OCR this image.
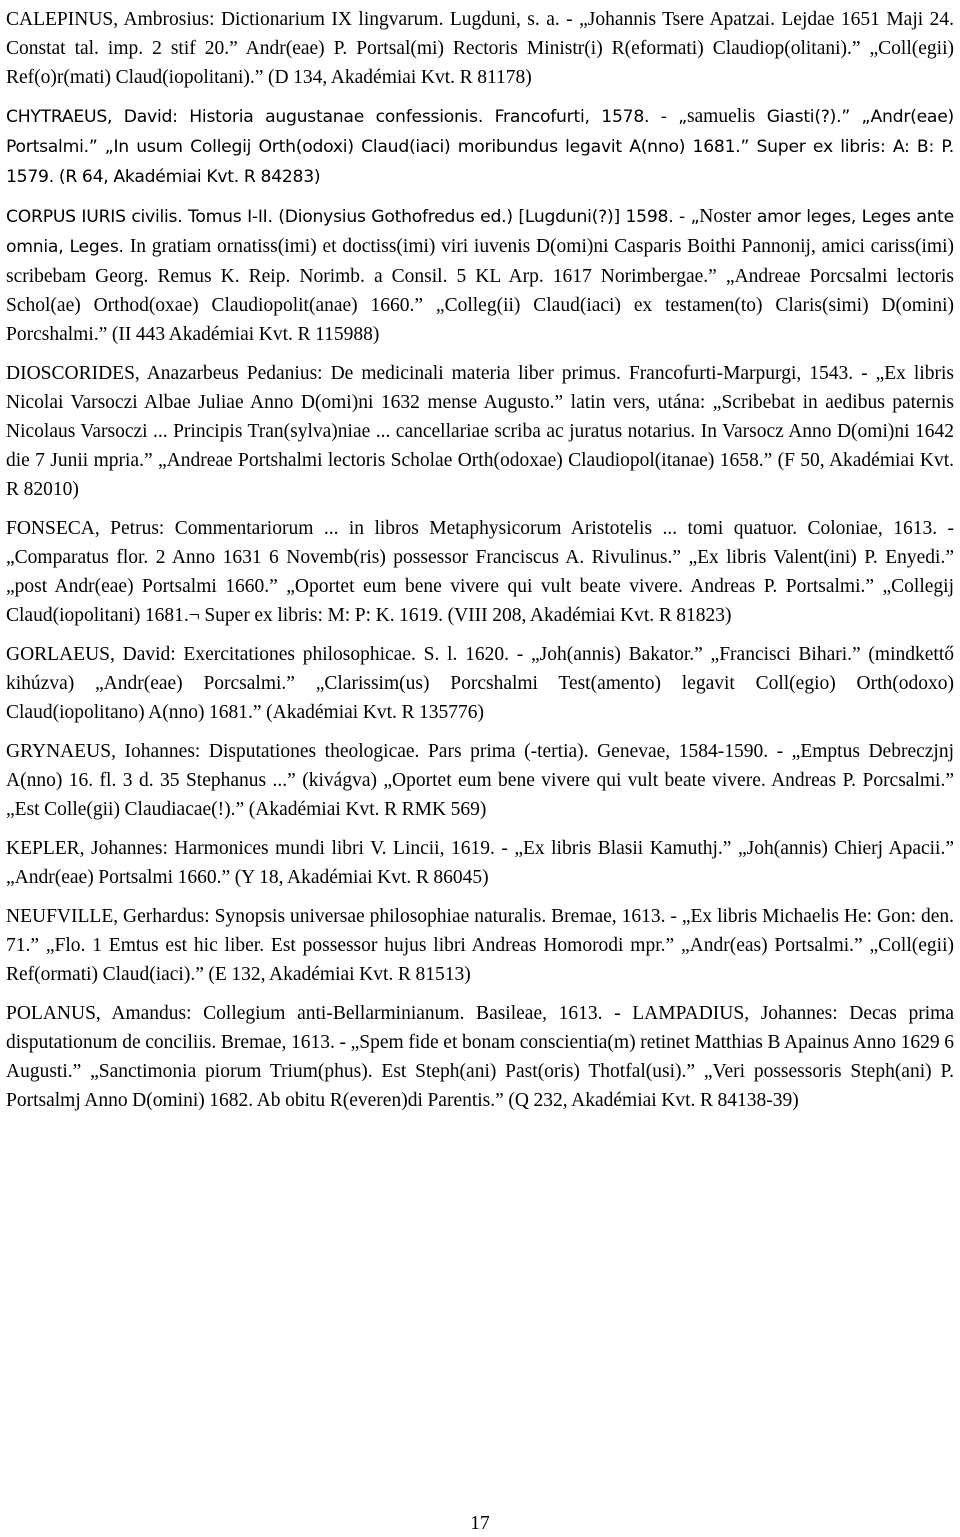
CALEPINUS, Ambrosius: Dictionarium IX lingvarum. Lugduni, s. a. - „Johannis Tsere Apatzai. Lejdae 1651 Maji 24. Constat tal. imp. 2 stif 20.” Andr(eae) P. Portsal(mi) Rectoris Ministr(i) R(eformati) Claudiop(olitani).” „Coll(egii) Ref(o)r(mati) Claud(iopolitani).” (D 134, Akadémiai Kvt. R 81178)

CHYTRAEUS, David: Historia augustanae confessionis. Francofurti, 1578. - „samuelis Giasti(?).” „Andr(eae) Portsalmi.” „In usum Collegij Orth(odoxi) Claud(iaci) moribundus legavit A(nno) 1681.” Super ex libris: A: B: P. 1579. (R 64, Akadémiai Kvt. R 84283)

CORPUS IURIS civilis. Tomus I-II. (Dionysius Gothofredus ed.) [Lugduni(?)] 1598. - „Noster amor leges, Leges ante omnia, Leges. In gratiam ornatiss(imi) et doctiss(imi) viri iuvenis D(omi)ni Casparis Boithi Pannonij, amici cariss(imi) scribebam Georg. Remus K. Reip. Norimb. a Consil. 5 KL Arp. 1617 Norimbergae.” „Andreae Porcsalmi lectoris Schol(ae) Orthod(oxae) Claudiopolit(anae) 1660.” „Colleg(ii) Claud(iaci) ex testamen(to) Claris(simi) D(omini) Porcshalmi.” (II 443 Akadémiai Kvt. R 115988)

DIOSCORIDES, Anazarbeus Pedanius: De medicinali materia liber primus. Francofurti-Marpurgi, 1543. - „Ex libris Nicolai Varsoczi Albae Juliae Anno D(omi)ni 1632 mense Augusto.” latin vers, utána: „Scribebat in aedibus paternis Nicolaus Varsoczi ... Principis Tran(sylva)niae ... cancellariae scriba ac juratus notarius. In Varsocz Anno D(omi)ni 1642 die 7 Junii mpria.” „Andreae Portshalmi lectoris Scholae Orth(odoxae) Claudiopol(itanae) 1658.” (F 50, Akadémiai Kvt. R 82010)

FONSECA, Petrus: Commentariorum ... in libros Metaphysicorum Aristotelis ... tomi quatuor. Coloniae, 1613. - „Comparatus flor. 2 Anno 1631 6 Novemb(ris) possessor Franciscus A. Rivulinus.” „Ex libris Valent(ini) P. Enyedi.” „post Andr(eae) Portsalmi 1660.” „Oportet eum bene vivere qui vult beate vivere. Andreas P. Portsalmi.” „Collegij Claud(iopolitani) 1681.¬ Super ex libris: M: P: K. 1619. (VIII 208, Akadémiai Kvt. R 81823)

GORLAEUS, David: Exercitationes philosophicae. S. l. 1620. - „Joh(annis) Bakator.” „Francisci Bihari.” (mindkettő kihúzva) „Andr(eae) Porcsalmi.” „Clarissim(us) Porcshalmi Test(amento) legavit Coll(egio) Orth(odoxo) Claud(iopolitano) A(nno) 1681.” (Akadémiai Kvt. R 135776)

GRYNAEUS, Iohannes: Disputationes theologicae. Pars prima (-tertia). Genevae, 1584-1590. - „Emptus Debreczjnj A(nno) 16. fl. 3 d. 35 Stephanus ...” (kivágva) „Oportet eum bene vivere qui vult beate vivere. Andreas P. Porcsalmi.” „Est Colle(gii) Claudiacae(!).” (Akadémiai Kvt. R RMK 569)

KEPLER, Johannes: Harmonices mundi libri V. Lincii, 1619. - „Ex libris Blasii Kamuthj.” „Joh(annis) Chierj Apacii.” „Andr(eae) Portsalmi 1660.” (Y 18, Akadémiai Kvt. R 86045)

NEUFVILLE, Gerhardus: Synopsis universae philosophiae naturalis. Bremae, 1613. - „Ex libris Michaelis He: Gon: den. 71.” „Flo. 1 Emtus est hic liber. Est possessor hujus libri Andreas Homorodi mpr.” „Andr(eas) Portsalmi.” „Coll(egii) Ref(ormati) Claud(iaci).” (E 132, Akadémiai Kvt. R 81513)

POLANUS, Amandus: Collegium anti-Bellarminianum. Basileae, 1613. - LAMPADIUS, Johannes: Decas prima disputationum de conciliis. Bremae, 1613. - „Spem fide et bonam conscientia(m) retinet Matthias B Apainus Anno 1629 6 Augusti.” „Sanctimonia piorum Trium(phus). Est Steph(ani) Past(oris) Thotfal(usi).” „Veri possessoris Steph(ani) P. Portsalmj Anno D(omini) 1682. Ab obitu R(everen)di Parentis.” (Q 232, Akadémiai Kvt. R 84138-39)

17
